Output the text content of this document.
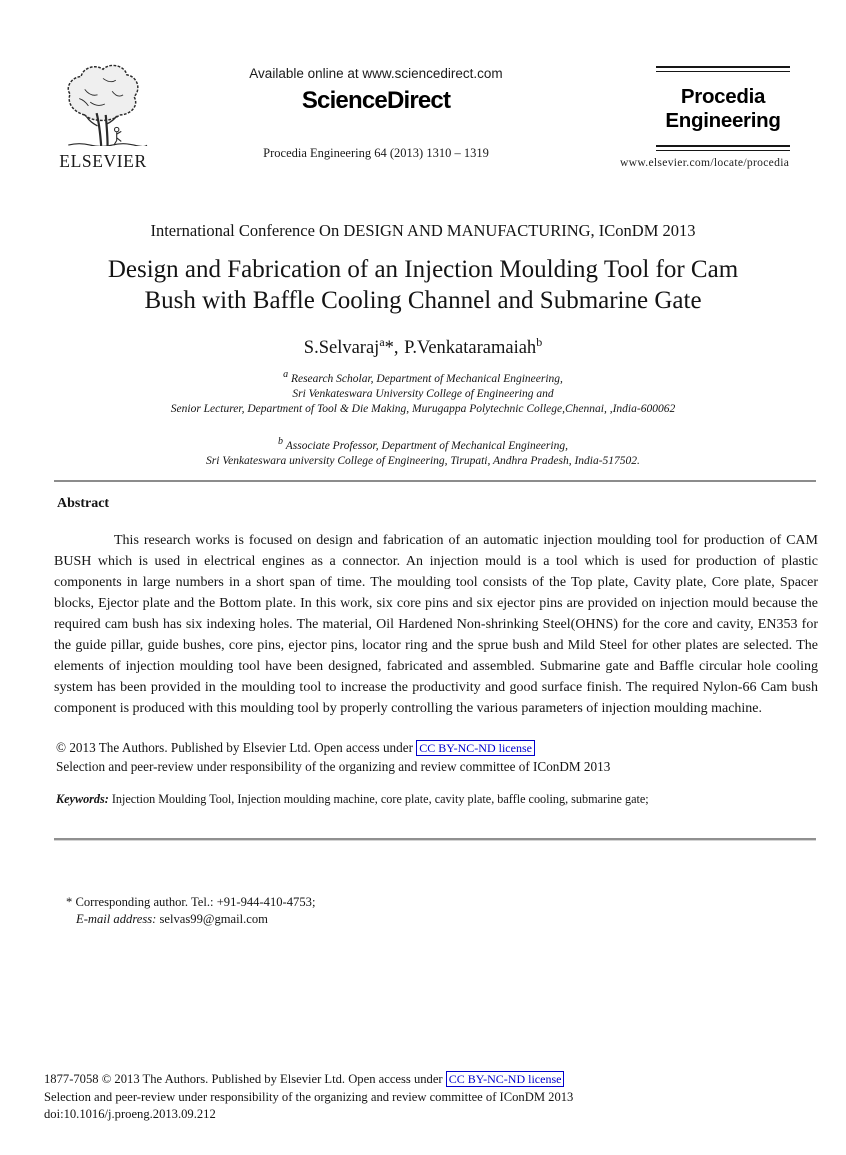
ELSEVIER
Available online at www.sciencedirect.com
ScienceDirect
Procedia Engineering 64 (2013) 1310 – 1319
Procedia
Engineering
www.elsevier.com/locate/procedia
International Conference On DESIGN AND MANUFACTURING, IConDM 2013
Design and Fabrication of an Injection Moulding Tool for Cam
Bush with Baffle Cooling Channel and Submarine Gate
S.Selvaraj$^a$*, P.Venkataramaiah$^b$
$^a$ Research Scholar, Department of Mechanical Engineering,
Sri Venkateswara University College of Engineering and
Senior Lecturer, Department of Tool & Die Making, Murugappa Polytechnic College,Chennai, ,India-600062
$^b$ Associate Professor, Department of Mechanical Engineering,
Sri Venkateswara university College of Engineering, Tirupati, Andhra Pradesh, India-517502.
Abstract
This research works is focused on design and fabrication of an automatic injection moulding tool for production of CAM BUSH which is used in electrical engines as a connector. An injection mould is a tool which is used for production of plastic components in large numbers in a short span of time. The moulding tool consists of the Top plate, Cavity plate, Core plate, Spacer blocks, Ejector plate and the Bottom plate. In this work, six core pins and six ejector pins are provided on injection mould because the required cam bush has six indexing holes. The material, Oil Hardened Non-shrinking Steel(OHNS) for the core and cavity, EN353 for the guide pillar, guide bushes, core pins, ejector pins, locator ring and the sprue bush and Mild Steel for other plates are selected. The elements of injection moulding tool have been designed, fabricated and assembled. Submarine gate and Baffle circular hole cooling system has been provided in the moulding tool to increase the productivity and good surface finish. The required Nylon-66 Cam bush component is produced with this moulding tool by properly controlling the various parameters of injection moulding machine.
© 2013 The Authors. Published by Elsevier Ltd. Open access under CC BY-NC-ND license
Selection and peer-review under responsibility of the organizing and review committee of IConDM 2013
Keywords: Injection Moulding Tool, Injection moulding machine, core plate, cavity plate, baffle cooling, submarine gate;
* Corresponding author. Tel.: +91-944-410-4753;
E-mail address: selvas99@gmail.com
1877-7058 © 2013 The Authors. Published by Elsevier Ltd. Open access under CC BY-NC-ND license
Selection and peer-review under responsibility of the organizing and review committee of IConDM 2013
doi:10.1016/j.proeng.2013.09.212
